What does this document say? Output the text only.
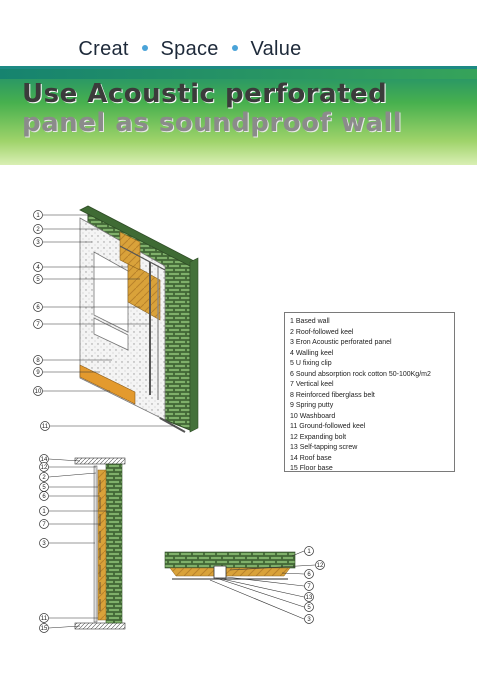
Creat Space Value
Use Acoustic perforated
panel as soundproof wall
1
2
3
4
5
6
7
8
9
10
11
14
12
2
5
6
1
7
3
11
15
1
12
6
7
13
5
3
1 Based wall
2 Roof-followed keel
3 Eron Acoustic perforated panel
4 Walling keel
5 U fixing clip
6 Sound absorption rock cotton 50-100Kg/m2
7 Vertical keel
8 Reinforced fiberglass belt
9 Spring putty
10 Washboard
11 Ground-followed keel
12 Expanding bolt
13 Self-tapping screw
14 Roof base
15 Floor base
